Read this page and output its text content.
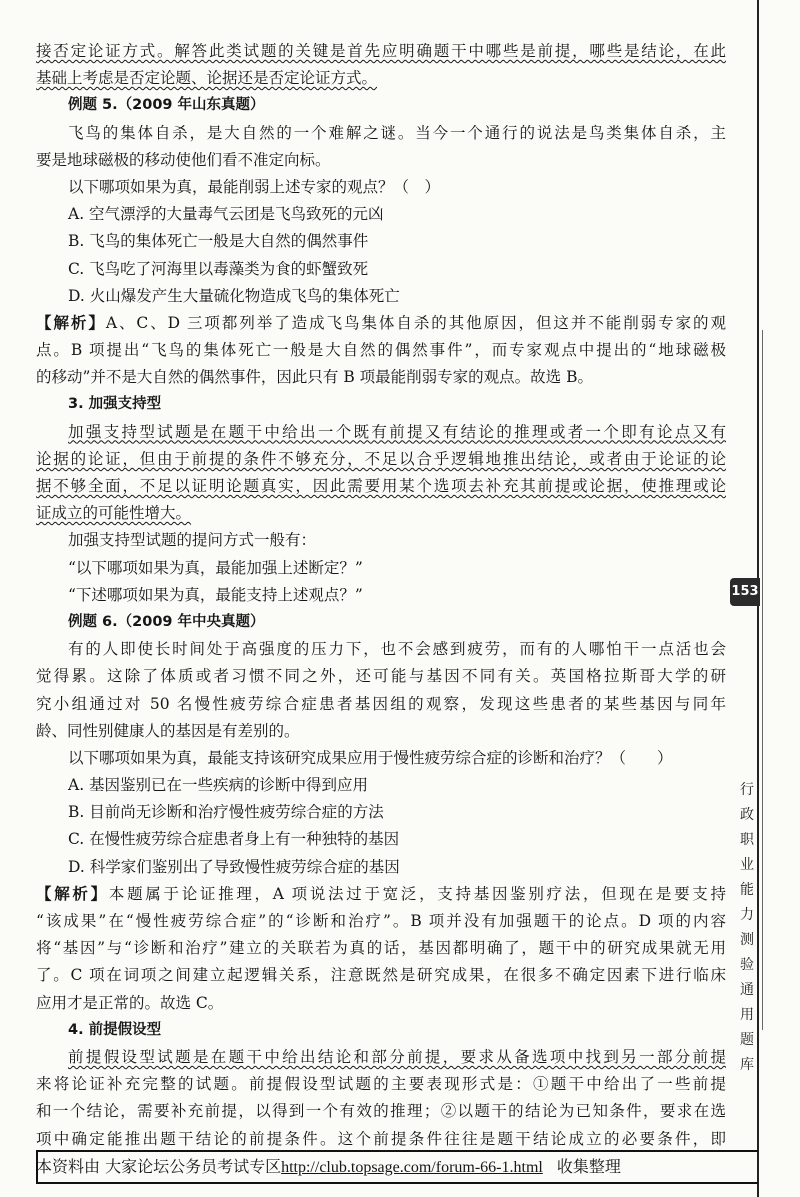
接否定论证方式。解答此类试题的关键是首先应明确题干中哪些是前提，哪些是结论，在此
基础上考虑是否定论题、论据还是否定论证方式。
例题 5.（2009 年山东真题）
飞鸟的集体自杀，是大自然的一个难解之谜。当今一个通行的说法是鸟类集体自杀，主
要是地球磁极的移动使他们看不准定向标。
以下哪项如果为真，最能削弱上述专家的观点？（　）
A. 空气漂浮的大量毒气云团是飞鸟致死的元凶
B. 飞鸟的集体死亡一般是大自然的偶然事件
C. 飞鸟吃了河海里以毒藻类为食的虾蟹致死
D. 火山爆发产生大量硫化物造成飞鸟的集体死亡
【解析】A、C、D 三项都列举了造成飞鸟集体自杀的其他原因，但这并不能削弱专家的观
点。B 项提出“飞鸟的集体死亡一般是大自然的偶然事件”，而专家观点中提出的“地球磁极
的移动”并不是大自然的偶然事件，因此只有 B 项最能削弱专家的观点。故选 B。
3. 加强支持型
加强支持型试题是在题干中给出一个既有前提又有结论的推理或者一个即有论点又有
论据的论证，但由于前提的条件不够充分，不足以合乎逻辑地推出结论，或者由于论证的论
据不够全面，不足以证明论题真实，因此需要用某个选项去补充其前提或论据，使推理或论
证成立的可能性增大。
加强支持型试题的提问方式一般有：
“以下哪项如果为真，最能加强上述断定？”
“下述哪项如果为真，最能支持上述观点？”
例题 6.（2009 年中央真题）
有的人即使长时间处于高强度的压力下，也不会感到疲劳，而有的人哪怕干一点活也会
觉得累。这除了体质或者习惯不同之外，还可能与基因不同有关。英国格拉斯哥大学的研
究小组通过对 50 名慢性疲劳综合症患者基因组的观察，发现这些患者的某些基因与同年
龄、同性别健康人的基因是有差别的。
以下哪项如果为真，最能支持该研究成果应用于慢性疲劳综合症的诊断和治疗？（　　）
A. 基因鉴别已在一些疾病的诊断中得到应用
B. 目前尚无诊断和治疗慢性疲劳综合症的方法
C. 在慢性疲劳综合症患者身上有一种独特的基因
D. 科学家们鉴别出了导致慢性疲劳综合症的基因
【解析】本题属于论证推理，A 项说法过于宽泛，支持基因鉴别疗法，但现在是要支持
“该成果”在“慢性疲劳综合症”的“诊断和治疗”。B 项并没有加强题干的论点。D 项的内容
将“基因”与“诊断和治疗”建立的关联若为真的话，基因都明确了，题干中的研究成果就无用
了。C 项在词项之间建立起逻辑关系，注意既然是研究成果，在很多不确定因素下进行临床
应用才是正常的。故选 C。
4. 前提假设型
前提假设型试题是在题干中给出结论和部分前提，要求从备选项中找到另一部分前提
来将论证补充完整的试题。前提假设型试题的主要表现形式是：①题干中给出了一些前提
和一个结论，需要补充前提，以得到一个有效的推理；②以题干的结论为已知条件，要求在选
项中确定能推出题干结论的前提条件。这个前提条件往往是题干结论成立的必要条件，即
153
行
政
职
业
能
力
测
验
通
用
题
库
本资料由 大家论坛公务员考试专区http://club.topsage.com/forum-66-1.html 收集整理
